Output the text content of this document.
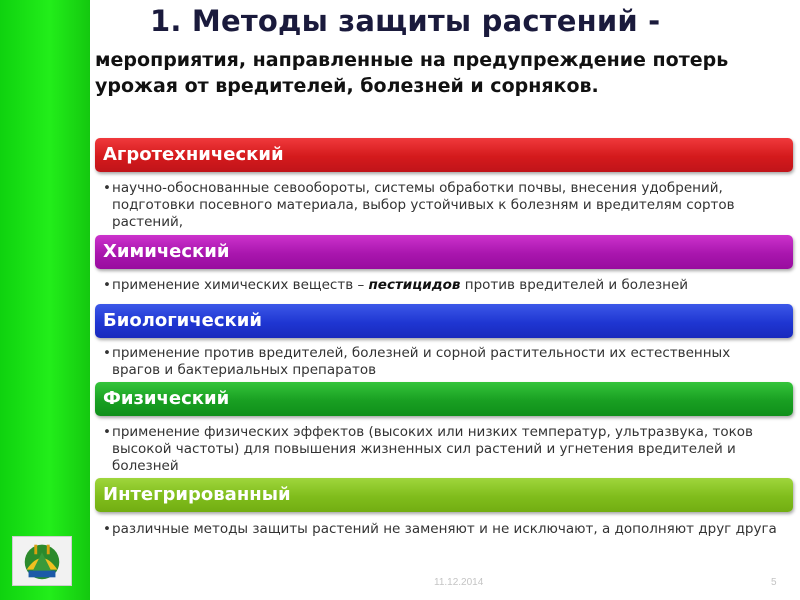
1. Методы защиты растений -
мероприятия, направленные на предупреждение потерь урожая от вредителей, болезней и сорняков.
Агротехнический
• научно-обоснованные севообороты, системы обработки почвы, внесения удобрений, подготовки посевного материала, выбор устойчивых к болезням и вредителям сортов растений,
Химический
• применение химических веществ – пестицидов против вредителей и болезней
Биологический
• применение против вредителей, болезней и сорной растительности их естественных врагов и бактериальных препаратов
Физический
• применение физических эффектов (высоких или низких температур, ультразвука, токов высокой частоты) для повышения жизненных сил растений и угнетения вредителей и болезней
Интегрированный
• различные методы защиты растений не заменяют и не исключают, а дополняют друг друга
11.12.2014	5
